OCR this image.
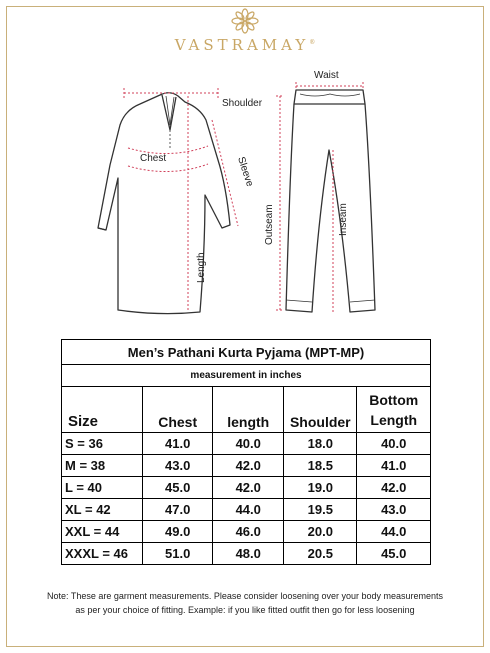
VASTRAMAY®
Shoulder
Chest	Sleeve
Length
Waist
Outseam	Inseam
Men’s Pathani Kurta Pyjama (MPT-MP)				
measurement in inches				
Size	Chest	length	Shoulder	Bottom
Length
S = 36	41.0	40.0	18.0	40.0
M = 38	43.0	42.0	18.5	41.0
L = 40	45.0	42.0	19.0	42.0
XL = 42	47.0	44.0	19.5	43.0
XXL = 44	49.0	46.0	20.0	44.0
XXXL = 46	51.0	48.0	20.5	45.0
Note: These are garment measurements. Please consider loosening over your body measurements
as per your choice of fitting. Example: if you like fitted outfit then go for less loosening
